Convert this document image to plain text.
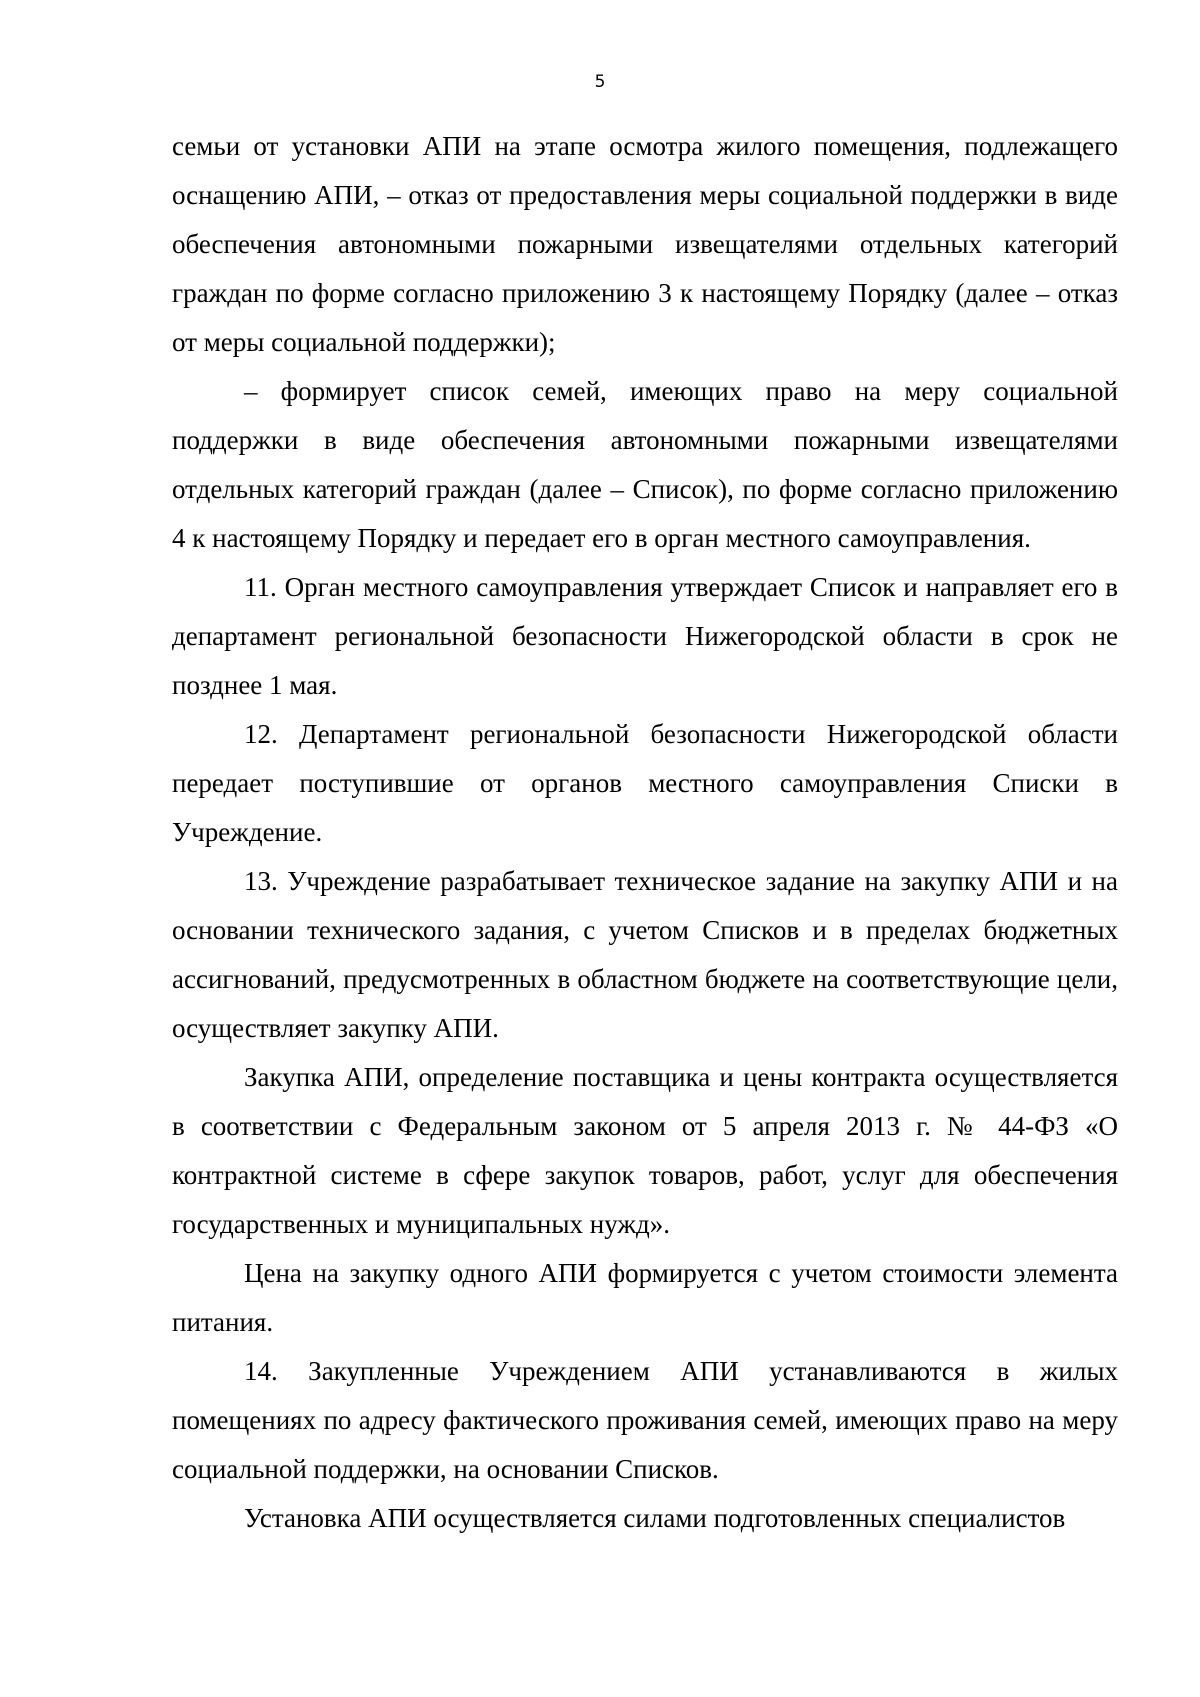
5

семьи от установки АПИ на этапе осмотра жилого помещения, подлежащего оснащению АПИ, – отказ от предоставления меры социальной поддержки в виде обеспечения автономными пожарными извещателями отдельных категорий граждан по форме согласно приложению 3 к настоящему Порядку (далее – отказ от меры социальной поддержки);

– формирует список семей, имеющих право на меру социальной поддержки в виде обеспечения автономными пожарными извещателями отдельных категорий граждан (далее – Список), по форме согласно приложению 4 к настоящему Порядку и передает его в орган местного самоуправления.

11. Орган местного самоуправления утверждает Список и направляет его в департамент региональной безопасности Нижегородской области в срок не позднее 1 мая.

12. Департамент региональной безопасности Нижегородской области передает поступившие от органов местного самоуправления Списки в Учреждение.

13. Учреждение разрабатывает техническое задание на закупку АПИ и на основании технического задания, с учетом Списков и в пределах бюджетных ассигнований, предусмотренных в областном бюджете на соответствующие цели, осуществляет закупку АПИ.

Закупка АПИ, определение поставщика и цены контракта осуществляется в соответствии с Федеральным законом от 5 апреля 2013 г. № 44-ФЗ «О контрактной системе в сфере закупок товаров, работ, услуг для обеспечения государственных и муниципальных нужд».

Цена на закупку одного АПИ формируется с учетом стоимости элемента питания.

14. Закупленные Учреждением АПИ устанавливаются в жилых помещениях по адресу фактического проживания семей, имеющих право на меру социальной поддержки, на основании Списков.

Установка АПИ осуществляется силами подготовленных специалистов
